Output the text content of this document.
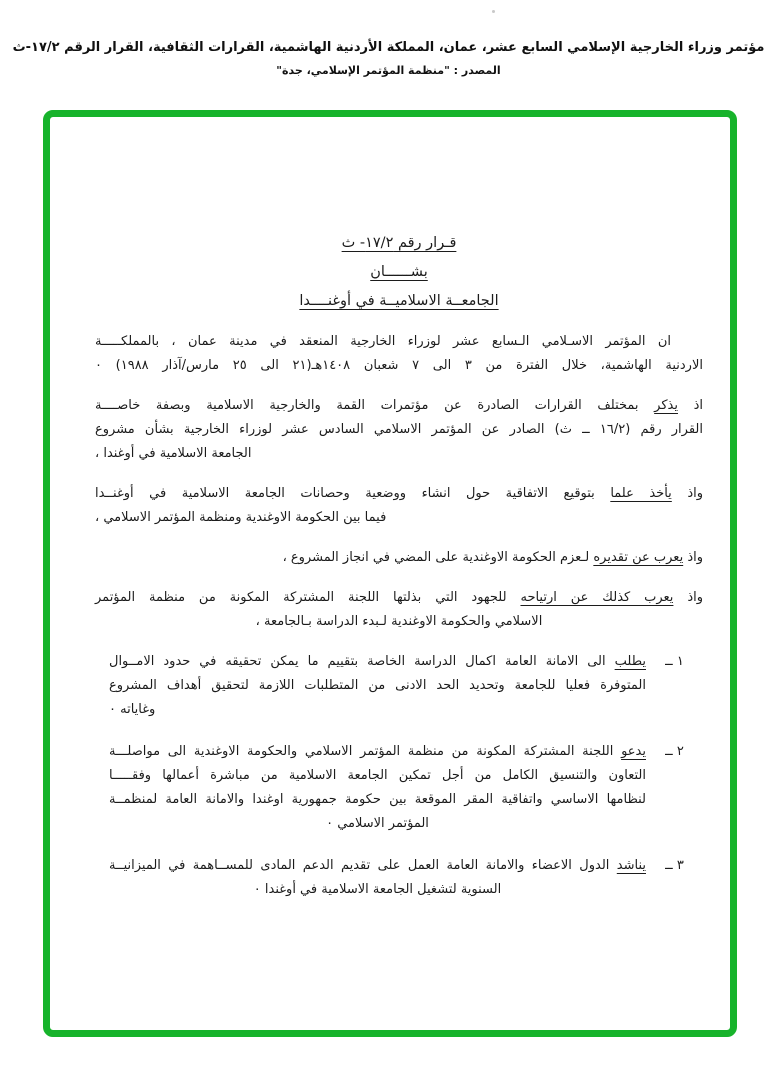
مؤتمر وزراء الخارجية الإسلامي السابع عشر، عمان، المملكة الأردنية الهاشمية، القرارات الثقافية، القرار الرقم ١٧/٢-ث
المصدر : "منظمة المؤتمر الإسلامي، جدة"
قـرار رقم ١٧/٢- ث
بشــــــان
الجامعــة الاسلاميــة في أوغنــــدا
ان المؤتمر الاسـلامي الـسابع عشر لوزراء الخارجية المنعقد في مدينة عمان ، بالمملكـــــة
الاردنية الهاشمية، خلال الفترة من ٣ الى ٧ شعبان ١٤٠٨هـ(٢١ الى ٢٥ مارس/آذار ١٩٨٨) ٠
اذ يذكر بمختلف القرارات الصادرة عن مؤتمرات القمة والخارجية الاسلامية وبصفة خاصــــة
القرار رقم (١٦/٢ ــ ث) الصادر عن المؤتمر الاسلامي السادس عشر لوزراء الخارجية بشأن مشروع
الجامعة الاسلامية في أوغندا ،
واذ يأخذ علما بتوقيع الاتفاقية حول انشاء ووضعية وحصانات الجامعة الاسلامية في أوغنــدا
فيما بين الحكومة الاوغندية ومنظمة المؤتمر الاسلامي ،
واذ يعرب عن تقديره لـعزم الحكومة الاوغندية على المضي في انجاز المشروع ،
واذ يعرب كذلك عن ارتياحه للجهود التي بذلتها اللجنة المشتركة المكونة من منظمة المؤتمر
الاسلامي والحكومة الاوغندية لـبدء الدراسة بـالجامعة ،
١ ــ
يطلب الى الامانة العامة اكمال الدراسة الخاصة بتقييم ما يمكن تحقيقه في حدود الامــوال
المتوفرة فعليا للجامعة وتحديد الحد الادنى من المتطلبات اللازمة لتحقيق أهداف المشروع
وغاياته ٠
٢ ــ
يدعو اللجنة المشتركة المكونة من منظمة المؤتمر الاسلامي والحكومة الاوغندية الى مواصلـــة
التعاون والتنسيق الكامل من أجل تمكين الجامعة الاسلامية من مباشرة أعمالها وفقـــــا
لنظامها الاساسي واتفاقية المقر الموقعة بين حكومة جمهورية اوغندا والامانة العامة لمنظمــة
المؤتمر الاسلامي ٠
٣ ــ
يناشد الدول الاعضاء والامانة العامة العمل على تقديم الدعم المادى للمســاهمة في الميزانيــة
السنوية لتشغيل الجامعة الاسلامية في أوغندا ٠
